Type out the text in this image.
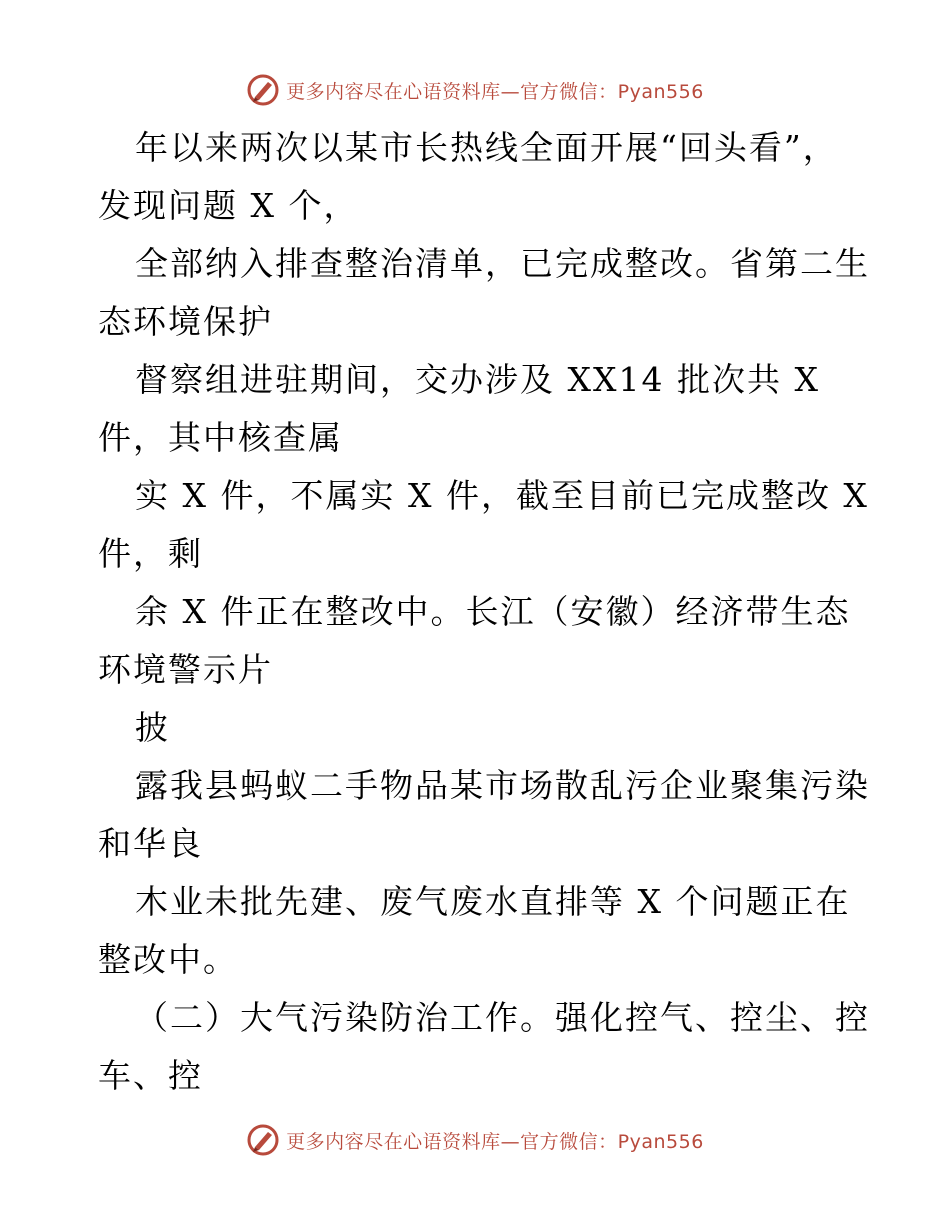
更多内容尽在心语资料库—官方微信：Pyan556
年以来两次以某市长热线全面开展“回头看”，
发现问题 X 个，
全部纳入排查整治清单，已完成整改。省第二生
态环境保护
督察组进驻期间，交办涉及 XX14 批次共 X
件，其中核查属
实 X 件，不属实 X 件，截至目前已完成整改 X
件，剩
余 X 件正在整改中。长江（安徽）经济带生态
环境警示片
披
露我县蚂蚁二手物品某市场散乱污企业聚集污染
和华良
木业未批先建、废气废水直排等 X 个问题正在
整改中。
（二）大气污染防治工作。强化控气、控尘、控
车、控
更多内容尽在心语资料库—官方微信：Pyan556
